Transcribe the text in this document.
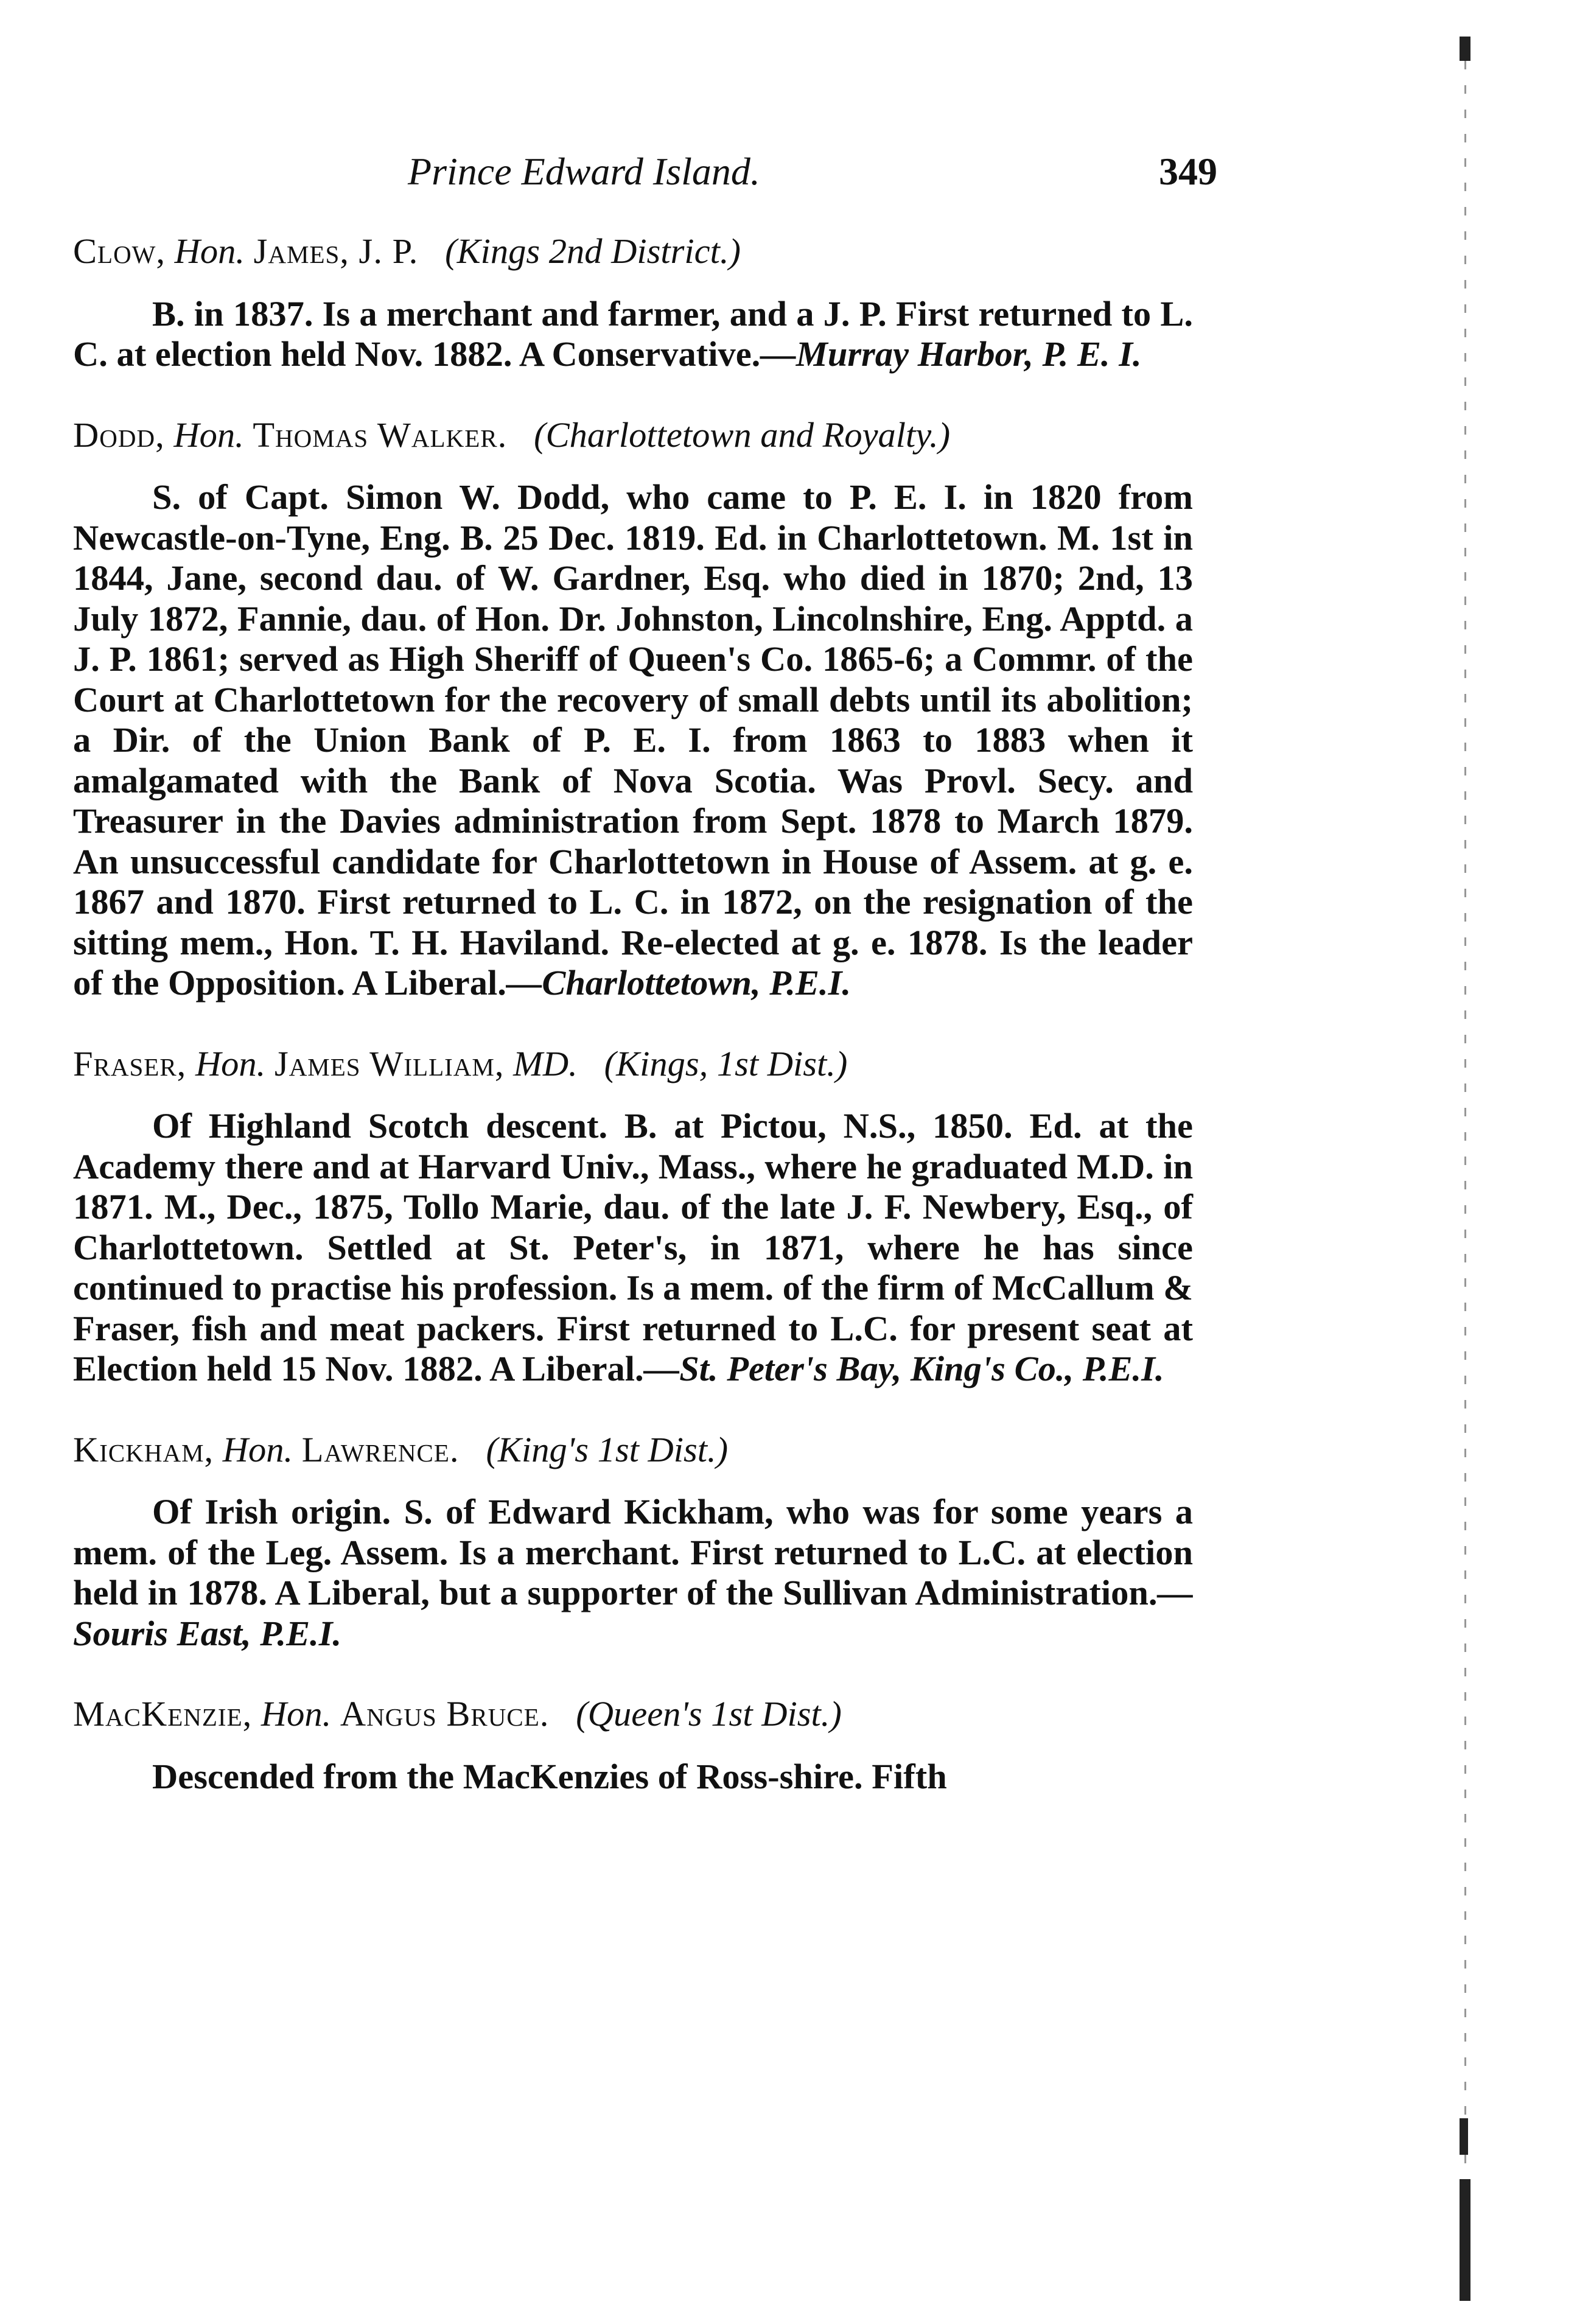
Prince Edward Island.	349
Clow, Hon. James, J. P. (Kings 2nd District.)

B. in 1837. Is a merchant and farmer, and a J. P. First returned to L. C. at election held Nov. 1882. A Conservative.—Murray Harbor, P. E. I.

Dodd, Hon. Thomas Walker. (Charlottetown and Royalty.)

S. of Capt. Simon W. Dodd, who came to P. E. I. in 1820 from Newcastle-on-Tyne, Eng. B. 25 Dec. 1819. Ed. in Charlottetown. M. 1st in 1844, Jane, second dau. of W. Gardner, Esq. who died in 1870; 2nd, 13 July 1872, Fannie, dau. of Hon. Dr. Johnston, Lincolnshire, Eng. Apptd. a J. P. 1861; served as High Sheriff of Queen's Co. 1865-6; a Commr. of the Court at Charlottetown for the recovery of small debts until its abolition; a Dir. of the Union Bank of P. E. I. from 1863 to 1883 when it amalgamated with the Bank of Nova Scotia. Was Provl. Secy. and Treasurer in the Davies administration from Sept. 1878 to March 1879. An unsuccessful candidate for Charlottetown in House of Assem. at g. e. 1867 and 1870. First returned to L. C. in 1872, on the resignation of the sitting mem., Hon. T. H. Haviland. Re-elected at g. e. 1878. Is the leader of the Opposition. A Liberal.—Charlottetown, P.E.I.

Fraser, Hon. James William, MD. (Kings, 1st Dist.)

Of Highland Scotch descent. B. at Pictou, N.S., 1850. Ed. at the Academy there and at Harvard Univ., Mass., where he graduated M.D. in 1871. M., Dec., 1875, Tollo Marie, dau. of the late J. F. Newbery, Esq., of Charlottetown. Settled at St. Peter's, in 1871, where he has since continued to practise his profession. Is a mem. of the firm of McCallum & Fraser, fish and meat packers. First returned to L.C. for present seat at Election held 15 Nov. 1882. A Liberal.—St. Peter's Bay, King's Co., P.E.I.

Kickham, Hon. Lawrence. (King's 1st Dist.)

Of Irish origin. S. of Edward Kickham, who was for some years a mem. of the Leg. Assem. Is a merchant. First returned to L.C. at election held in 1878. A Liberal, but a supporter of the Sullivan Administration.—Souris East, P.E.I.

MacKenzie, Hon. Angus Bruce. (Queen's 1st Dist.)

Descended from the MacKenzies of Ross-shire. Fifth
